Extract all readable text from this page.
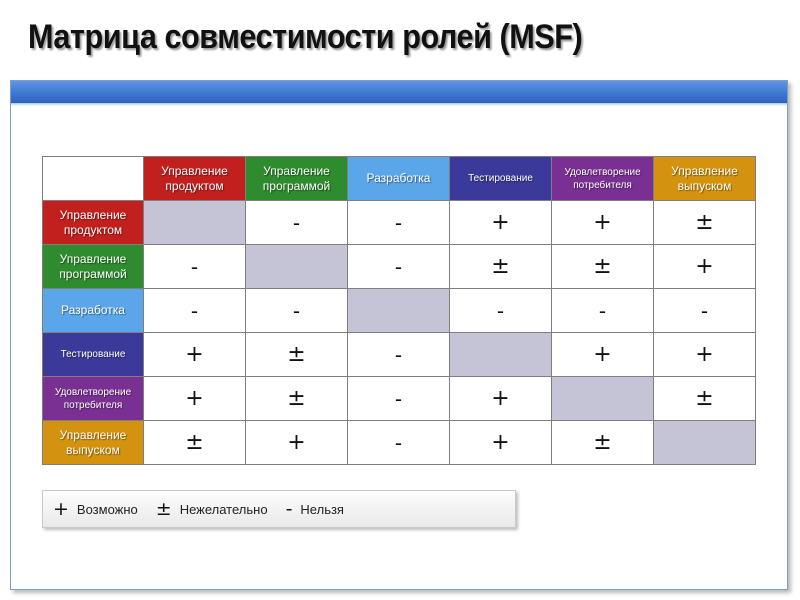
Матрица совместимости ролей (MSF)
	Управление продуктом	Управление программой	Разработка	Тестирование	Удовлетворение потребителя	Управление выпуском
Управление продуктом		-	-	+	+	±
Управление программой	-		-	±	±	+
Разработка	-	-		-	-	-
Тестирование	+	±	-		+	+
Удовлетворение потребителя	+	±	-	+		±
Управление выпуском	±	+	-	+	±	
+ Возможно ± Нежелательно - Нельзя
